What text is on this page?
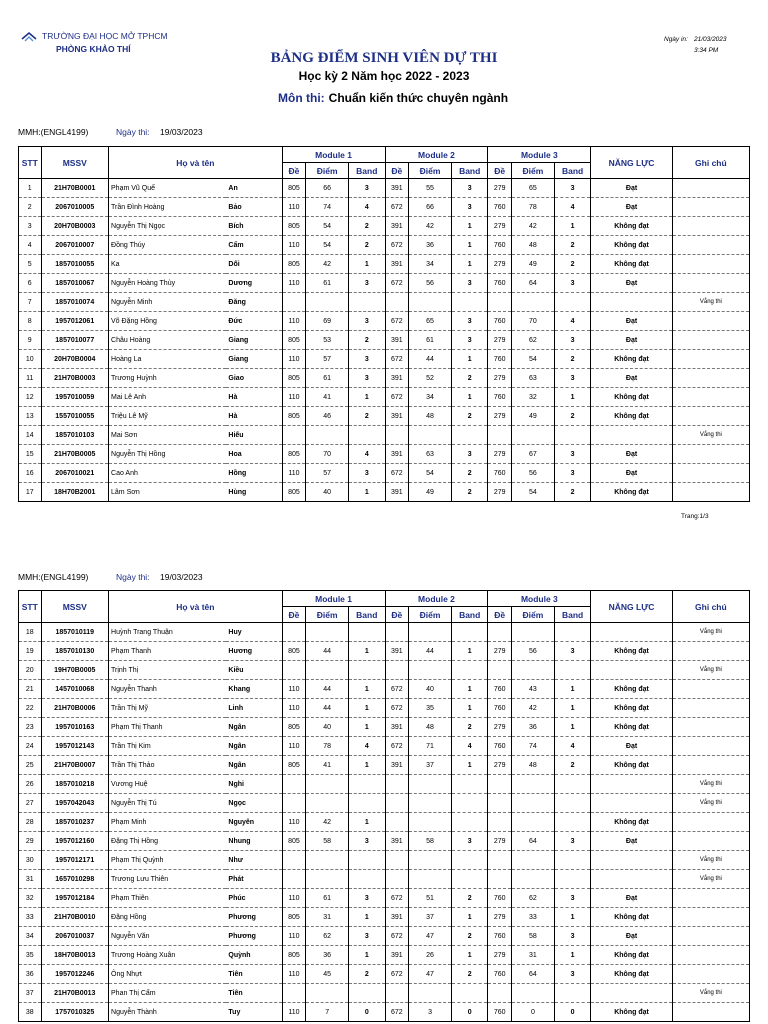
TRƯỜNG ĐẠI HỌC MỞ TPHCM
PHÒNG KHẢO THÍ
Ngày in: 21/03/2023
3:34 PM
BẢNG ĐIỂM SINH VIÊN DỰ THI
Học kỳ 2 Năm học 2022 - 2023
Môn thi: Chuẩn kiến thức chuyên ngành
MMH:(ENGL4199)	Ngày thi: 19/03/2023
STT	MSSV	Họ và tên		Module 1			Module 2			Module 3			NĂNG LỰC	Ghi chú
				Đề	Điểm	Band	Đề	Điểm	Band	Đề	Điểm	Band		
1	21H70B0001	Phạm Vũ Quế	An	805	66	3	391	55	3	279	65	3	Đạt	
2	2067010005	Trần Đình Hoàng	Bảo	110	74	4	672	66	3	760	78	4	Đạt	
3	20H70B0003	Nguyễn Thị Ngọc	Bích	805	54	2	391	42	1	279	42	1	Không đạt	
4	2067010007	Đồng Thúy	Cẩm	110	54	2	672	36	1	760	48	2	Không đạt	
5	1857010055	Ka	Dối	805	42	1	391	34	1	279	49	2	Không đạt	
6	1857010067	Nguyễn Hoàng Thùy	Dương	110	61	3	672	56	3	760	64	3	Đạt	
7	1857010074	Nguyễn Minh	Đăng											Vắng thi
8	1957012061	Võ Đặng Hồng	Đức	110	69	3	672	65	3	760	70	4	Đạt	
9	1857010077	Châu Hoàng	Giang	805	53	2	391	61	3	279	62	3	Đạt	
10	20H70B0004	Hoàng La	Giang	110	57	3	672	44	1	760	54	2	Không đạt	
11	21H70B0003	Trương Huỳnh	Giao	805	61	3	391	52	2	279	63	3	Đạt	
12	1957010059	Mai Lê Anh	Hà	110	41	1	672	34	1	760	32	1	Không đạt	
13	1557010055	Triệu Lê Mỹ	Hà	805	46	2	391	48	2	279	49	2	Không đạt	
14	1857010103	Mai Sơn	Hiếu											Vắng thi
15	21H70B0005	Nguyễn Thị Hồng	Hoa	805	70	4	391	63	3	279	67	3	Đạt	
16	2067010021	Cao Anh	Hồng	110	57	3	672	54	2	760	56	3	Đạt	
17	18H70B2001	Lâm Sơn	Hùng	805	40	1	391	49	2	279	54	2	Không đạt	
Trang:1/3
MMH:(ENGL4199)	Ngày thi: 19/03/2023
STT	MSSV	Họ và tên		Module 1			Module 2			Module 3			NĂNG LỰC	Ghi chú
				Đề	Điểm	Band	Đề	Điểm	Band	Đề	Điểm	Band		
18	1857010119	Huỳnh Trang Thuận	Huy											Vắng thi
19	1857010130	Phạm Thanh	Hương	805	44	1	391	44	1	279	56	3	Không đạt	
20	19H70B0005	Trịnh Thị	Kiều											Vắng thi
21	1457010068	Nguyễn Thanh	Khang	110	44	1	672	40	1	760	43	1	Không đạt	
22	21H70B0006	Trần Thị Mỹ	Linh	110	44	1	672	35	1	760	42	1	Không đạt	
23	1957010163	Phạm Thị Thanh	Ngân	805	40	1	391	48	2	279	36	1	Không đạt	
24	1957012143	Trần Thị Kim	Ngân	110	78	4	672	71	4	760	74	4	Đạt	
25	21H70B0007	Trần Thị Thảo	Ngân	805	41	1	391	37	1	279	48	2	Không đạt	
26	1857010218	Vương Huệ	Nghi											Vắng thi
27	1957042043	Nguyễn Thị Tú	Ngọc											Vắng thi
28	1857010237	Phạm Minh	Nguyên	110	42	1							Không đạt	
29	1957012160	Đặng Thị Hồng	Nhung	805	58	3	391	58	3	279	64	3	Đạt	
30	1957012171	Phạm Thị Quỳnh	Như											Vắng thi
31	1657010298	Trương Lưu Thiên	Phát											Vắng thi
32	1957012184	Phạm Thiên	Phúc	110	61	3	672	51	2	760	62	3	Đạt	
33	21H70B0010	Đặng Hồng	Phương	805	31	1	391	37	1	279	33	1	Không đạt	
34	2067010037	Nguyễn Văn	Phương	110	62	3	672	47	2	760	58	3	Đạt	
35	18H70B0013	Trương Hoàng Xuân	Quỳnh	805	36	1	391	26	1	279	31	1	Không đạt	
36	1957012246	Ông Nhựt	Tiên	110	45	2	672	47	2	760	64	3	Không đạt	
37	21H70B0013	Phan Thị Cẩm	Tiên											Vắng thi
38	1757010325	Nguyễn Thành	Tuy	110	7	0	672	3	0	760	0	0	Không đạt	
